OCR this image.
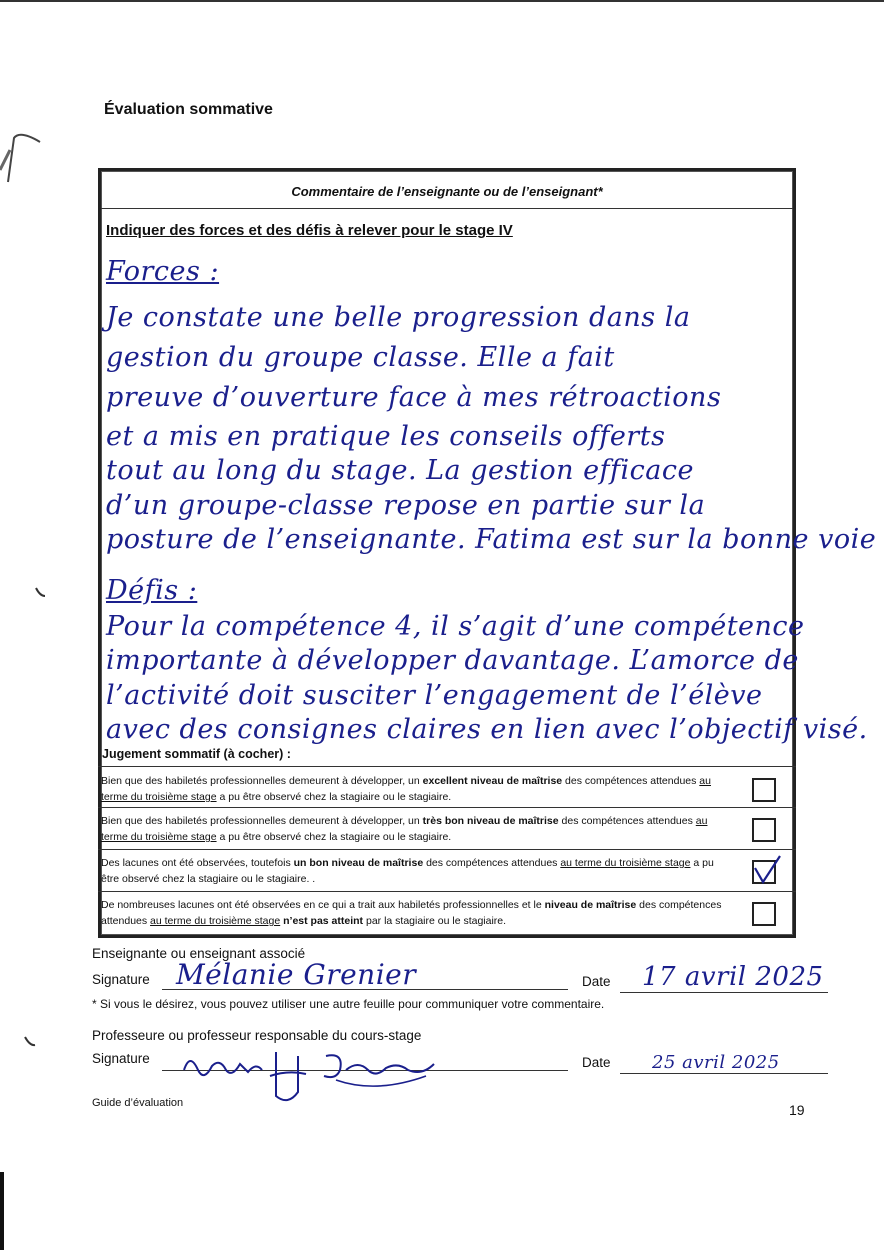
Évaluation sommative
Commentaire de l’enseignante ou de l’enseignant*
Indiquer des forces et des défis à relever pour le stage IV
Forces :
Je constate une belle progression dans la
gestion du groupe classe. Elle a fait
preuve d’ouverture face à mes rétroactions
et a mis en pratique les conseils offerts
tout au long du stage. La gestion efficace
d’un groupe-classe repose en partie sur la
posture de l’enseignante. Fatima est sur la bonne voie
Défis :
Pour la compétence 4, il s’agit d’une compétence
importante à développer davantage. L’amorce de
l’activité doit susciter l’engagement de l’élève
avec des consignes claires en lien avec l’objectif visé.
Jugement sommatif (à cocher) :
Bien que des habiletés professionnelles demeurent à développer, un excellent niveau de maîtrise des compétences attendues au terme du troisième stage a pu être observé chez la stagiaire ou le stagiaire.
Bien que des habiletés professionnelles demeurent à développer, un très bon niveau de maîtrise des compétences attendues au terme du troisième stage a pu être observé chez la stagiaire ou le stagiaire.
Des lacunes ont été observées, toutefois un bon niveau de maîtrise des compétences attendues au terme du troisième stage a pu être observé chez la stagiaire ou le stagiaire. .
De nombreuses lacunes ont été observées en ce qui a trait aux habiletés professionnelles et le niveau de maîtrise des compétences attendues au terme du troisième stage n’est pas atteint par la stagiaire ou le stagiaire.
Enseignante ou enseignant associé
Signature Mélanie Grenier	Date 17 avril 2025
* Si vous le désirez, vous pouvez utiliser une autre feuille pour communiquer votre commentaire.
Professeure ou professeur responsable du cours-stage
Signature	Date 25 avril 2025
Guide d’évaluation	19
